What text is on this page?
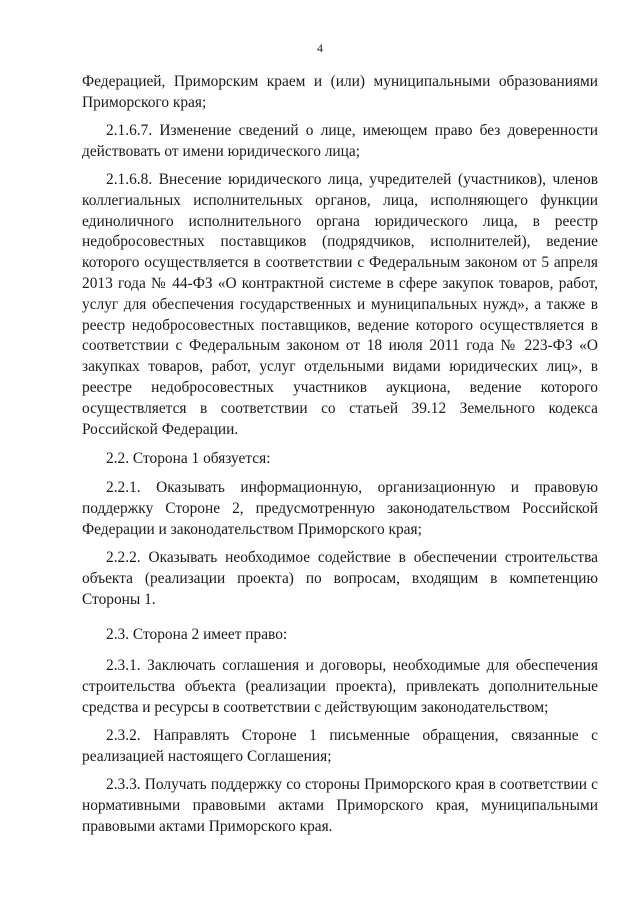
4

Федерацией, Приморским краем и (или) муниципальными образованиями Приморского края;

2.1.6.7. Изменение сведений о лице, имеющем право без доверенности действовать от имени юридического лица;

2.1.6.8. Внесение юридического лица, учредителей (участников), членов коллегиальных исполнительных органов, лица, исполняющего функции единоличного исполнительного органа юридического лица, в реестр недобросовестных поставщиков (подрядчиков, исполнителей), ведение которого осуществляется в соответствии с Федеральным законом от 5 апреля 2013 года № 44-ФЗ «О контрактной системе в сфере закупок товаров, работ, услуг для обеспечения государственных и муниципальных нужд», а также в реестр недобросовестных поставщиков, ведение которого осуществляется в соответствии с Федеральным законом от 18 июля 2011 года № 223-ФЗ «О закупках товаров, работ, услуг отдельными видами юридических лиц», в реестре недобросовестных участников аукциона, ведение которого осуществляется в соответствии со статьей 39.12 Земельного кодекса Российской Федерации.

2.2. Сторона 1 обязуется:

2.2.1. Оказывать информационную, организационную и правовую поддержку Стороне 2, предусмотренную законодательством Российской Федерации и законодательством Приморского края;

2.2.2. Оказывать необходимое содействие в обеспечении строительства объекта (реализации проекта) по вопросам, входящим в компетенцию Стороны 1.

2.3. Сторона 2 имеет право:

2.3.1. Заключать соглашения и договоры, необходимые для обеспечения строительства объекта (реализации проекта), привлекать дополнительные средства и ресурсы в соответствии с действующим законодательством;

2.3.2. Направлять Стороне 1 письменные обращения, связанные с реализацией настоящего Соглашения;

2.3.3. Получать поддержку со стороны Приморского края в соответствии с нормативными правовыми актами Приморского края, муниципальными правовыми актами Приморского края.
